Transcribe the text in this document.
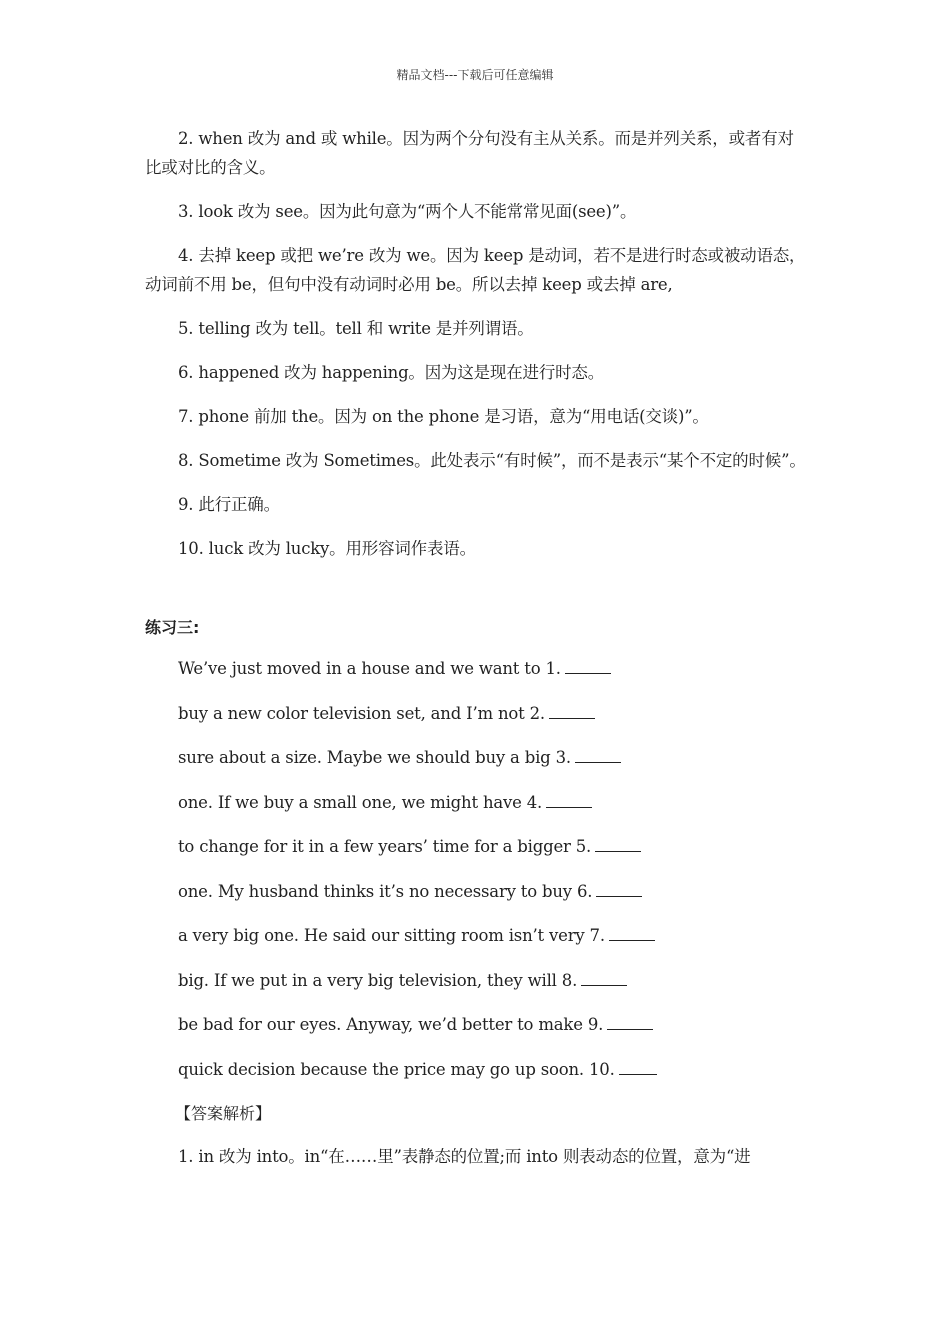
精品文档---下载后可任意编辑

2. when 改为 and 或 while。因为两个分句没有主从关系。而是并列关系，或者有对比或对比的含义。

3. look 改为 see。因为此句意为“两个人不能常常见面(see)”。

4. 去掉 keep 或把 we’re 改为 we。因为 keep 是动词，若不是进行时态或被动语态，动词前不用 be，但句中没有动词时必用 be。所以去掉 keep 或去掉 are,

5. telling 改为 tell。tell 和 write 是并列谓语。

6. happened 改为 happening。因为这是现在进行时态。

7. phone 前加 the。因为 on the phone 是习语，意为“用电话(交谈)”。

8. Sometime 改为 Sometimes。此处表示“有时候”，而不是表示“某个不定的时候”。

9. 此行正确。

10. luck 改为 lucky。用形容词作表语。

练习三:
We’ve just moved in a house and we want to 1.
buy a new color television set, and I’m not 2.
sure about a size. Maybe we should buy a big 3.
one. If we buy a small one, we might have 4.
to change for it in a few years’ time for a bigger 5.
one. My husband thinks it’s no necessary to buy 6.
a very big one. He said our sitting room isn’t very 7.
big. If we put in a very big television, they will 8.
be bad for our eyes. Anyway, we’d better to make 9.
quick decision because the price may go up soon. 10.
【答案解析】

1. in 改为 into。in“在……里”表静态的位置;而 into 则表动态的位置，意为“进
